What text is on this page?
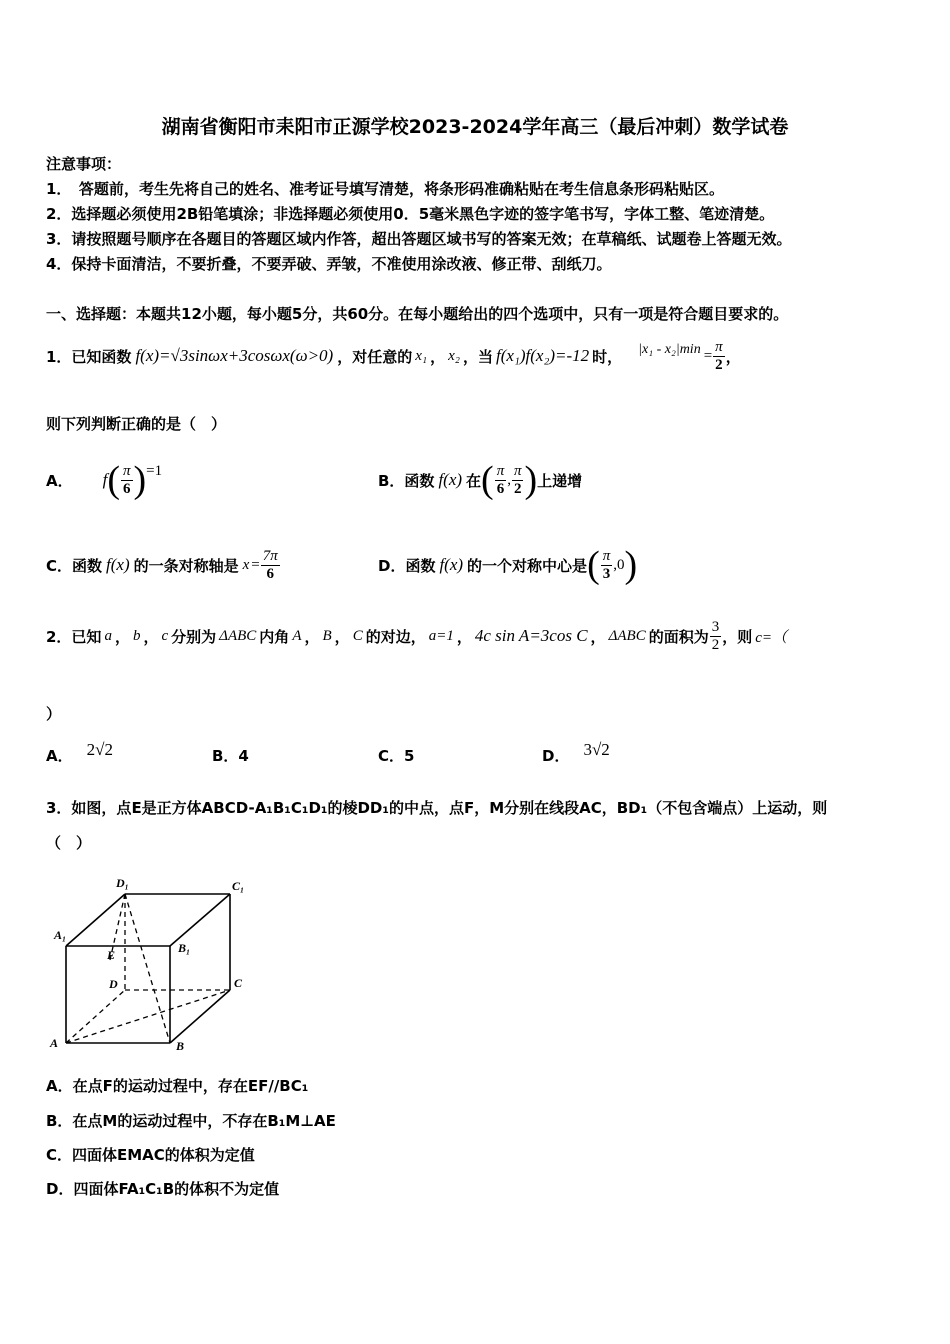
湖南省衡阳市耒阳市正源学校2023-2024学年高三（最后冲刺）数学试卷
注意事项：
1．　答题前，考生先将自己的姓名、准考证号填写清楚，将条形码准确粘贴在考生信息条形码粘贴区。
2．选择题必须使用2B铅笔填涂；非选择题必须使用0．5毫米黑色字迹的签字笔书写，字体工整、笔迹清楚。
3．请按照题号顺序在各题目的答题区域内作答，超出答题区域书写的答案无效；在草稿纸、试题卷上答题无效。
4．保持卡面清洁，不要折叠，不要弄破、弄皱，不准使用涂改液、修正带、刮纸刀。
一、选择题：本题共12小题，每小题5分，共60分。在每小题给出的四个选项中，只有一项是符合题目要求的。
1．已知函数 f(x)=√3sinωx+3cosωx(ω>0) ，对任意的 x₁ ， x₂ ，当 f(x₁)f(x₂)=-12 时， $|x_1 - x_2|\min = \frac{\pi}{2}$ ，
则下列判断正确的是（　）
A． f ( $\frac{\pi}{6}$ ) =1
B．函数 f(x) 在 ( $\frac{\pi}{6}$ , $\frac{\pi}{2}$ ) 上递增
C．函数 f(x) 的一条对称轴是 $x = \frac{7\pi}{6}$	D．函数 f(x) 的一个对称中心是 ( $\frac{\pi}{3}$ , 0 )
2．已知 a ， b ， c 分别为 ΔABC 内角 A ， B ， C 的对边， a=1 ， 4c sin A=3cos C ， ΔABC 的面积为 $\frac{3}{2}$ ，则 c=（
）
A． 2√2	B．4	C．5	D． 3√2
3．如图，点E是正方体ABCD-A₁B₁C₁D₁的棱DD₁的中点，点F，M分别在线段AC，BD₁（不包含端点）上运动，则
（　）
D₁	C₁
A₁
B₁
E
D	C
A	B
A．在点F的运动过程中，存在EF//BC₁
B．在点M的运动过程中，不存在B₁M⊥AE
C．四面体EMAC的体积为定值
D．四面体FA₁C₁B的体积不为定值
